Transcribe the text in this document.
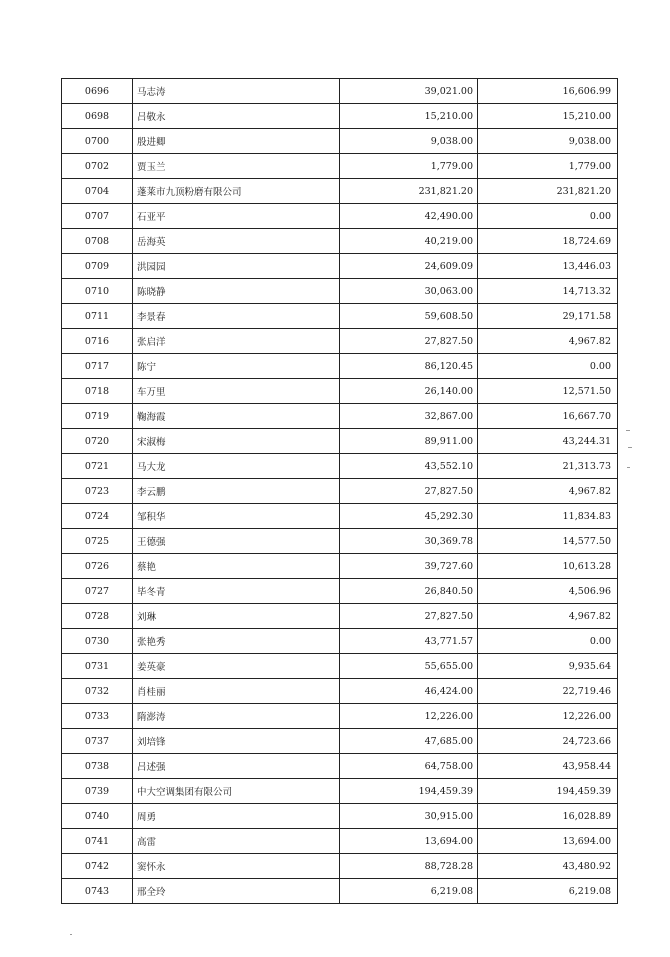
0696	马志涛	39,021.00	16,606.99
0698	吕敬永	15,210.00	15,210.00
0700	殷进卿	9,038.00	9,038.00
0702	贾玉兰	1,779.00	1,779.00
0704	蓬莱市九顶粉磨有限公司	231,821.20	231,821.20
0707	石亚平	42,490.00	0.00
0708	岳海英	40,219.00	18,724.69
0709	洪园园	24,609.09	13,446.03
0710	陈晓静	30,063.00	14,713.32
0711	李景春	59,608.50	29,171.58
0716	张启洋	27,827.50	4,967.82
0717	陈宁	86,120.45	0.00
0718	车万里	26,140.00	12,571.50
0719	鞠海霞	32,867.00	16,667.70
0720	宋淑梅	89,911.00	43,244.31
0721	马大龙	43,552.10	21,313.73
0723	李云鹏	27,827.50	4,967.82
0724	邹积华	45,292.30	11,834.83
0725	王德强	30,369.78	14,577.50
0726	蔡艳	39,727.60	10,613.28
0727	毕冬青	26,840.50	4,506.96
0728	刘琳	27,827.50	4,967.82
0730	张艳秀	43,771.57	0.00
0731	姜英豪	55,655.00	9,935.64
0732	肖桂丽	46,424.00	22,719.46
0733	隋澎涛	12,226.00	12,226.00
0737	刘培锋	47,685.00	24,723.66
0738	吕述强	64,758.00	43,958.44
0739	中大空调集团有限公司	194,459.39	194,459.39
0740	周勇	30,915.00	16,028.89
0741	高雷	13,694.00	13,694.00
0742	窦怀永	88,728.28	43,480.92
0743	邢全玲	6,219.08	6,219.08
